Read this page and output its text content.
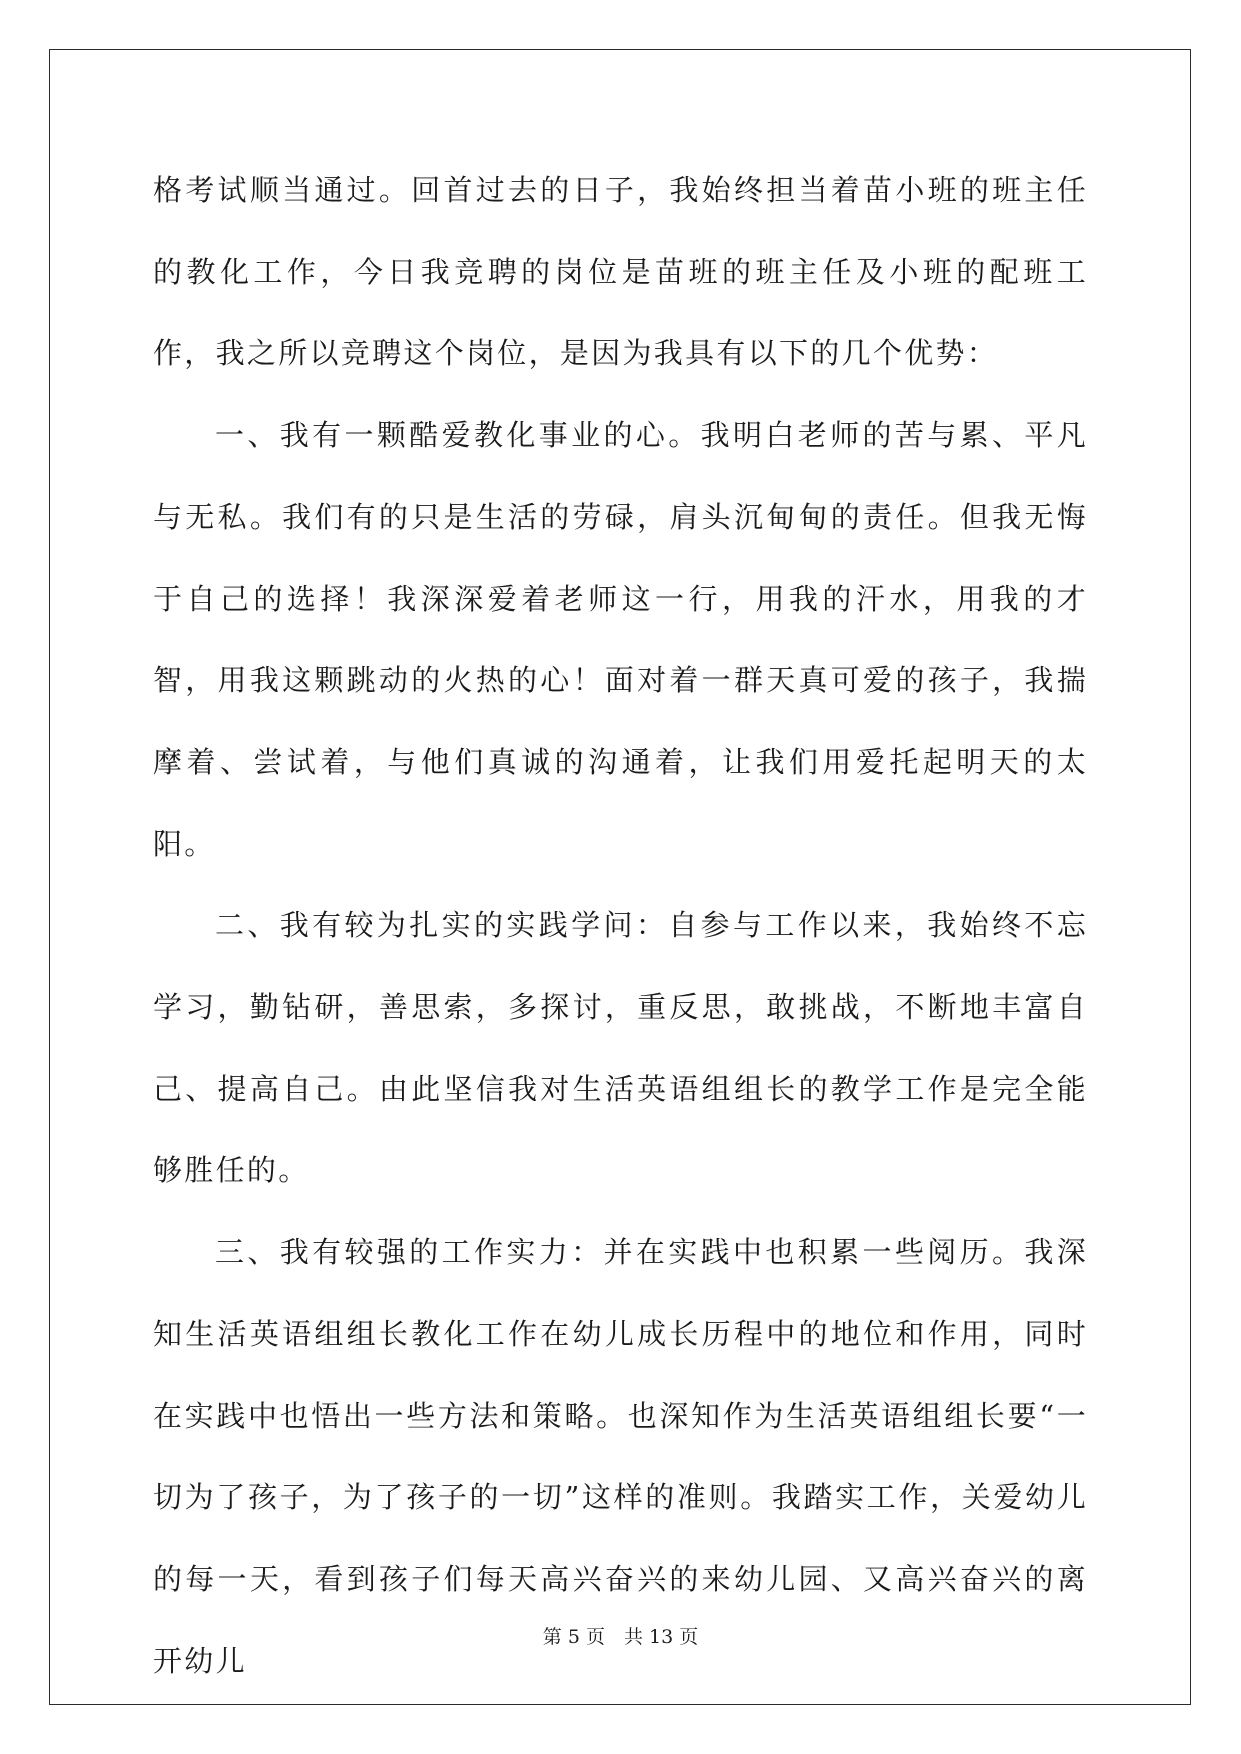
格考试顺当通过。回首过去的日子，我始终担当着苗小班的班主任的教化工作，今日我竞聘的岗位是苗班的班主任及小班的配班工作，我之所以竞聘这个岗位，是因为我具有以下的几个优势：

一、我有一颗酷爱教化事业的心。我明白老师的苦与累、平凡与无私。我们有的只是生活的劳碌，肩头沉甸甸的责任。但我无悔于自己的选择！我深深爱着老师这一行，用我的汗水，用我的才智，用我这颗跳动的火热的心！面对着一群天真可爱的孩子，我揣摩着、尝试着，与他们真诚的沟通着，让我们用爱托起明天的太阳。

二、我有较为扎实的实践学问：自参与工作以来，我始终不忘学习，勤钻研，善思索，多探讨，重反思，敢挑战，不断地丰富自己、提高自己。由此坚信我对生活英语组组长的教学工作是完全能够胜任的。

三、我有较强的工作实力：并在实践中也积累一些阅历。我深知生活英语组组长教化工作在幼儿成长历程中的地位和作用，同时在实践中也悟出一些方法和策略。也深知作为生活英语组组长要“一切为了孩子，为了孩子的一切”这样的准则。我踏实工作，关爱幼儿的每一天，看到孩子们每天高兴奋兴的来幼儿园、又高兴奋兴的离开幼儿

第 5 页　共 13 页
